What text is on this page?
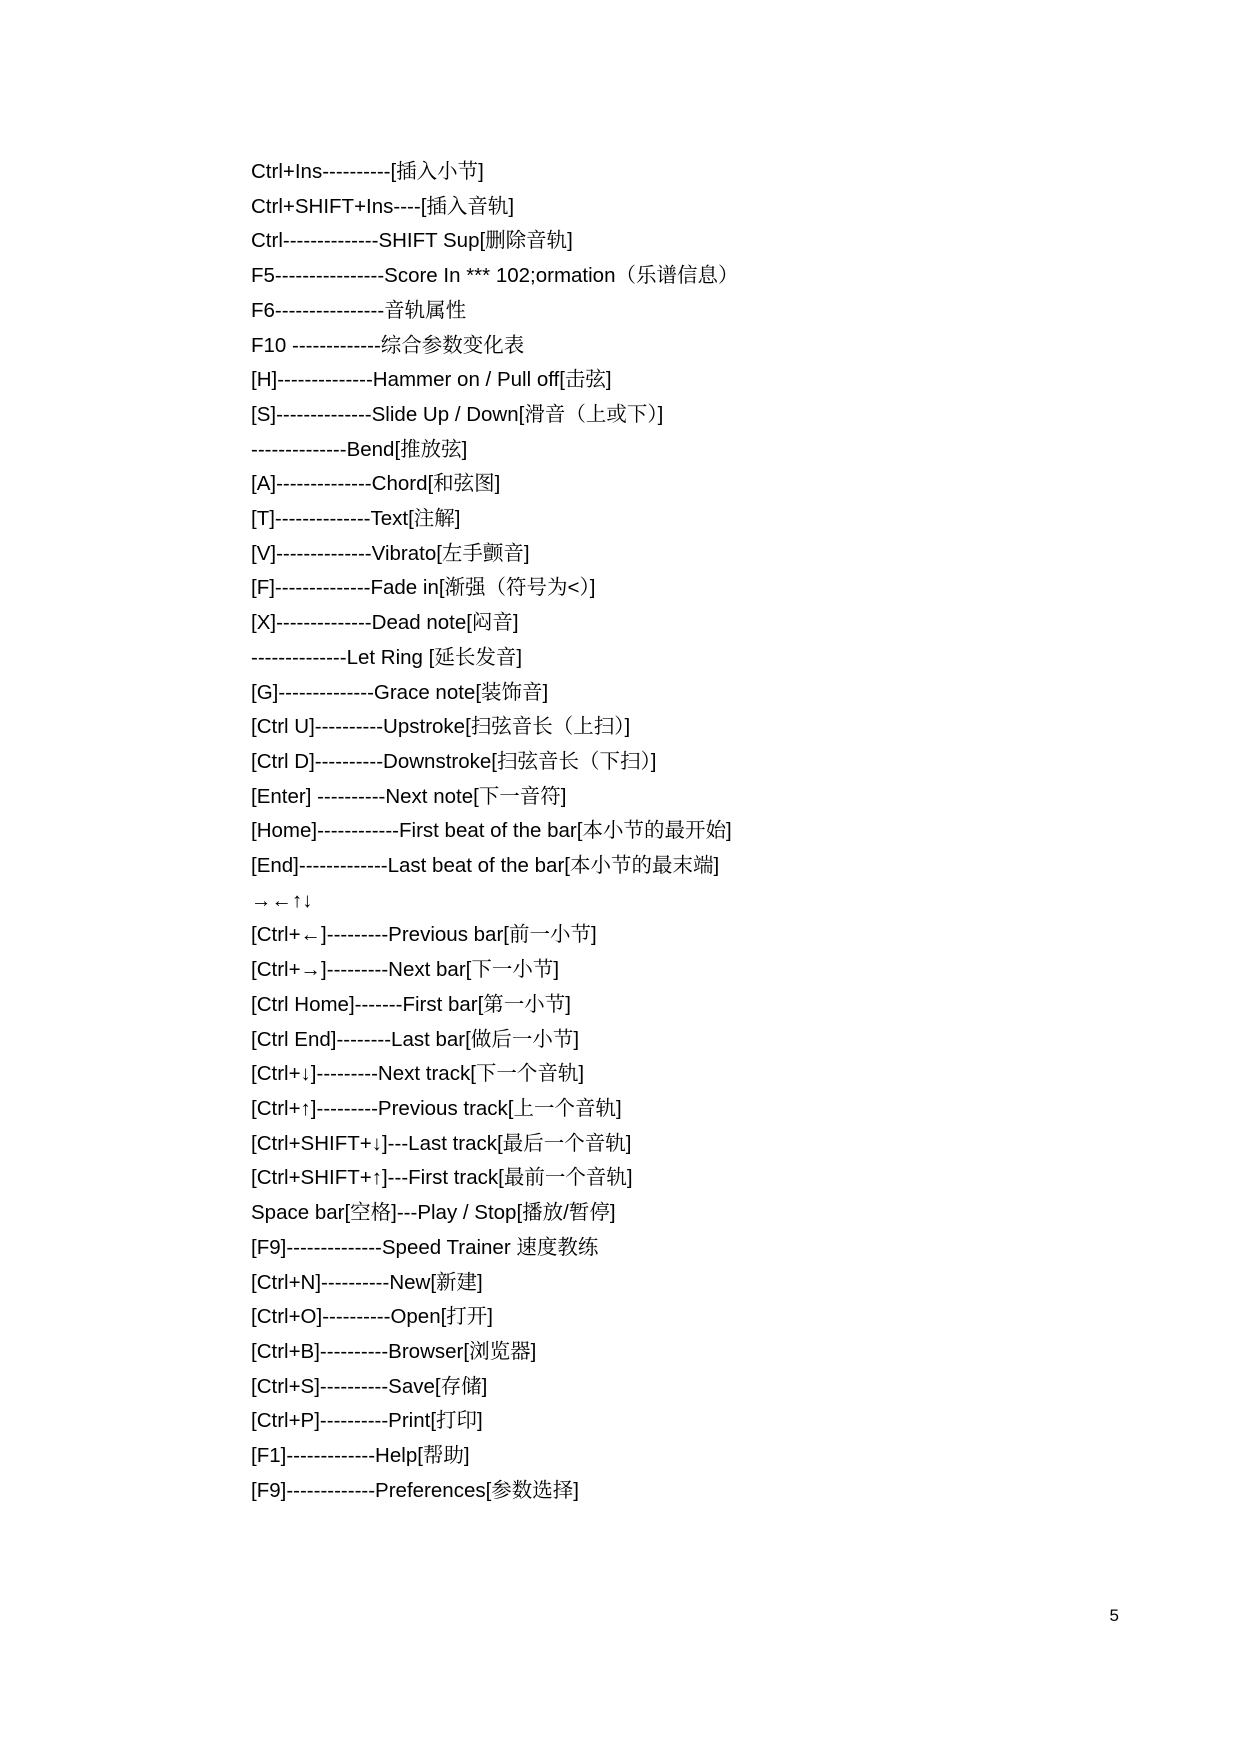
Ctrl+Ins----------[插入小节]
Ctrl+SHIFT+Ins----[插入音轨]
Ctrl--------------SHIFT Sup[删除音轨]
F5----------------Score In *** 102;ormation（乐谱信息）
F6----------------音轨属性
F10 -------------综合参数变化表
[H]--------------Hammer on / Pull off[击弦]
[S]--------------Slide Up / Down[滑音（上或下）]
--------------Bend[推放弦]
[A]--------------Chord[和弦图]
[T]--------------Text[注解]
[V]--------------Vibrato[左手颤音]
[F]--------------Fade in[渐强（符号为<）]
[X]--------------Dead note[闷音]
--------------Let Ring [延长发音]
[G]--------------Grace note[装饰音]
[Ctrl U]----------Upstroke[扫弦音长（上扫）]
[Ctrl D]----------Downstroke[扫弦音长（下扫）]
[Enter] ----------Next note[下一音符]
[Home]------------First beat of the bar[本小节的最开始]
[End]-------------Last beat of the bar[本小节的最末端]
→←↑↓
[Ctrl+←]---------Previous bar[前一小节]
[Ctrl+→]---------Next bar[下一小节]
[Ctrl Home]-------First bar[第一小节]
[Ctrl End]--------Last bar[做后一小节]
[Ctrl+↓]---------Next track[下一个音轨]
[Ctrl+↑]---------Previous track[上一个音轨]
[Ctrl+SHIFT+↓]---Last track[最后一个音轨]
[Ctrl+SHIFT+↑]---First track[最前一个音轨]
Space bar[空格]---Play / Stop[播放/暂停]
[F9]--------------Speed Trainer 速度教练
[Ctrl+N]----------New[新建]
[Ctrl+O]----------Open[打开]
[Ctrl+B]----------Browser[浏览器]
[Ctrl+S]----------Save[存储]
[Ctrl+P]----------Print[打印]
[F1]-------------Help[帮助]
[F9]-------------Preferences[参数选择]
5
